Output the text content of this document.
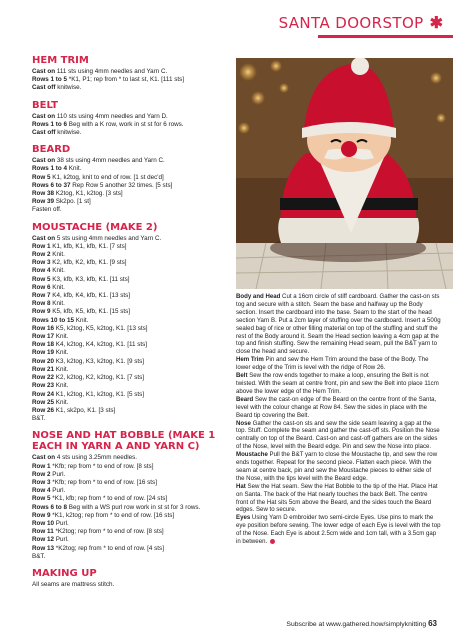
SANTA DOORSTOP ✱
HEM TRIM

Cast on 111 sts using 4mm needles and Yarn C.

Rows 1 to 5 *K1, P1; rep from * to last st, K1. [111 sts]

Cast off knitwise.

BELT

Cast on 110 sts using 4mm needles and Yarn D.

Rows 1 to 6 Beg with a K row, work in st st for 6 rows.

Cast off knitwise.

BEARD

Cast on 38 sts using 4mm needles and Yarn C.

Rows 1 to 4 Knit.

Row 5 K1, k2tog, knit to end of row. [1 st dec'd]

Rows 6 to 37 Rep Row 5 another 32 times. [5 sts]

Row 38 K2tog, K1, k2tog. [3 sts]

Row 39 Sk2po. [1 st]

Fasten off.

MOUSTACHE (MAKE 2)

Cast on 5 sts using 4mm needles and Yarn C.

Row 1 K1, kfb, K1, kfb, K1. [7 sts]

Row 2 Knit.

Row 3 K2, kfb, K2, kfb, K1. [9 sts]

Row 4 Knit.

Row 5 K3, kfb, K3, kfb, K1. [11 sts]

Row 6 Knit.

Row 7 K4, kfb, K4, kfb, K1. [13 sts]

Row 8 Knit.

Row 9 K5, kfb, K5, kfb, K1. [15 sts]

Rows 10 to 15 Knit.

Row 16 K5, k2tog, K5, k2tog, K1. [13 sts]

Row 17 Knit.

Row 18 K4, k2tog, K4, k2tog, K1. [11 sts]

Row 19 Knit.

Row 20 K3, k2tog, K3, k2tog, K1. [9 sts]

Row 21 Knit.

Row 22 K2, k2tog, K2, k2tog, K1. [7 sts]

Row 23 Knit.

Row 24 K1, k2tog, K1, k2tog, K1. [5 sts]

Row 25 Knit.

Row 26 K1, sk2po, K1. [3 sts]

B&T.

NOSE AND HAT BOBBLE (MAKE 1 EACH IN YARN A AND YARN C)

Cast on 4 sts using 3.25mm needles.

Row 1 *Kfb; rep from * to end of row. [8 sts]

Row 2 Purl.

Row 3 *Kfb; rep from * to end of row. [16 sts]

Row 4 Purl.

Row 5 *K1, kfb; rep from * to end of row. [24 sts]

Rows 6 to 8 Beg with a WS purl row work in st st for 3 rows.

Row 9 *K1, k2tog; rep from * to end of row. [16 sts]

Row 10 Purl.

Row 11 *K2tog; rep from * to end of row. [8 sts]

Row 12 Purl.

Row 13 *K2tog; rep from * to end of row. [4 sts]

B&T.

MAKING UP

All seams are mattress stitch.

Body and Head Cut a 16cm circle of stiff cardboard. Gather the cast-on sts tog and secure with a stitch. Seam the base and halfway up the Body section. Insert the cardboard into the base. Seam to the start of the head section Yarn B. Put a 2cm layer of stuffing over the cardboard. Insert a 500g sealed bag of rice or other filling material on top of the stuffing and stuff the rest of the Body around it. Seam the Head section leaving a 4cm gap at the top and finish stuffing. Sew the remaining Head seam, pull the B&T yarn to close the head and secure.

Hem Trim Pin and sew the Hem Trim around the base of the Body. The lower edge of the Trim is level with the ridge of Row 26.

Belt Sew the row ends together to make a loop, ensuring the Belt is not twisted. With the seam at centre front, pin and sew the Belt into place 11cm above the lower edge of the Hem Trim.

Beard Sew the cast-on edge of the Beard on the centre front of the Santa, level with the colour change at Row 84. Sew the sides in place with the Beard tip covering the Belt.

Nose Gather the cast-on sts and sew the side seam leaving a gap at the top. Stuff. Complete the seam and gather the cast-off sts. Position the Nose centrally on top of the Beard. Cast-on and cast-off gathers are on the sides of the Nose, level with the Beard edge. Pin and sew the Nose into place.

Moustache Pull the B&T yarn to close the Moustache tip, and sew the row ends together. Repeat for the second piece. Flatten each piece. With the seam at centre back, pin and sew the Moustache pieces to either side of the Nose, with the tips level with the Beard edge.

Hat Sew the Hat seam. Sew the Hat Bobble to the tip of the Hat. Place Hat on Santa. The back of the Hat nearly touches the back Belt. The centre front of the Hat sits 5cm above the Beard, and the sides touch the Beard edges. Sew to secure.

Eyes Using Yarn D embroider two semi-circle Eyes. Use pins to mark the eye position before sewing. The lower edge of each Eye is level with the top of the Nose. Each Eye is about 2.5cm wide and 1cm tall, with a 3.5cm gap in between.

Subscribe at www.gathered.how/simplyknitting 63
